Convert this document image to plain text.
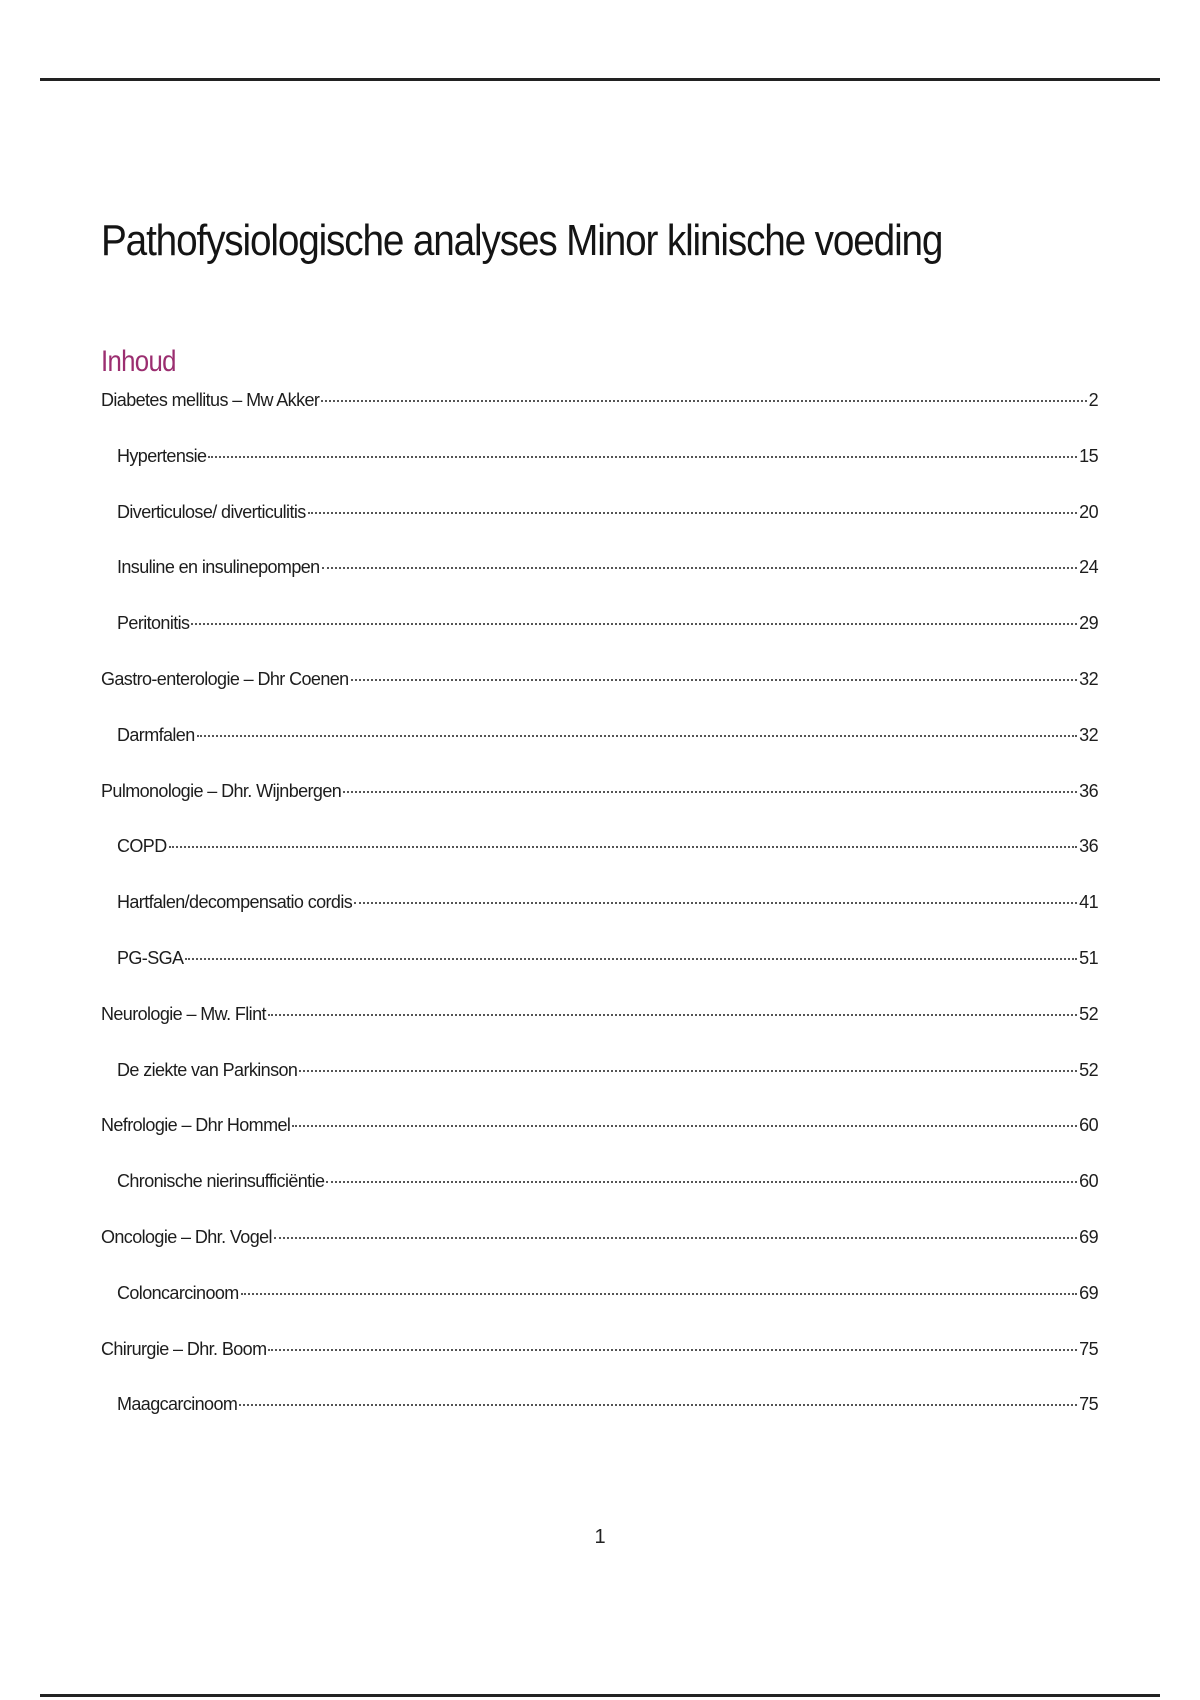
Pathofysiologische analyses Minor klinische voeding
Inhoud
Diabetes mellitus – Mw Akker	2
Hypertensie	15
Diverticulose/ diverticulitis	20
Insuline en insulinepompen	24
Peritonitis	29
Gastro-enterologie – Dhr Coenen	32
Darmfalen	32
Pulmonologie – Dhr. Wijnbergen	36
COPD	36
Hartfalen/decompensatio cordis	41
PG-SGA	51
Neurologie – Mw. Flint	52
De ziekte van Parkinson	52
Nefrologie – Dhr Hommel	60
Chronische nierinsufficiëntie	60
Oncologie – Dhr. Vogel	69
Coloncarcinoom	69
Chirurgie – Dhr. Boom	75
Maagcarcinoom	75

1
